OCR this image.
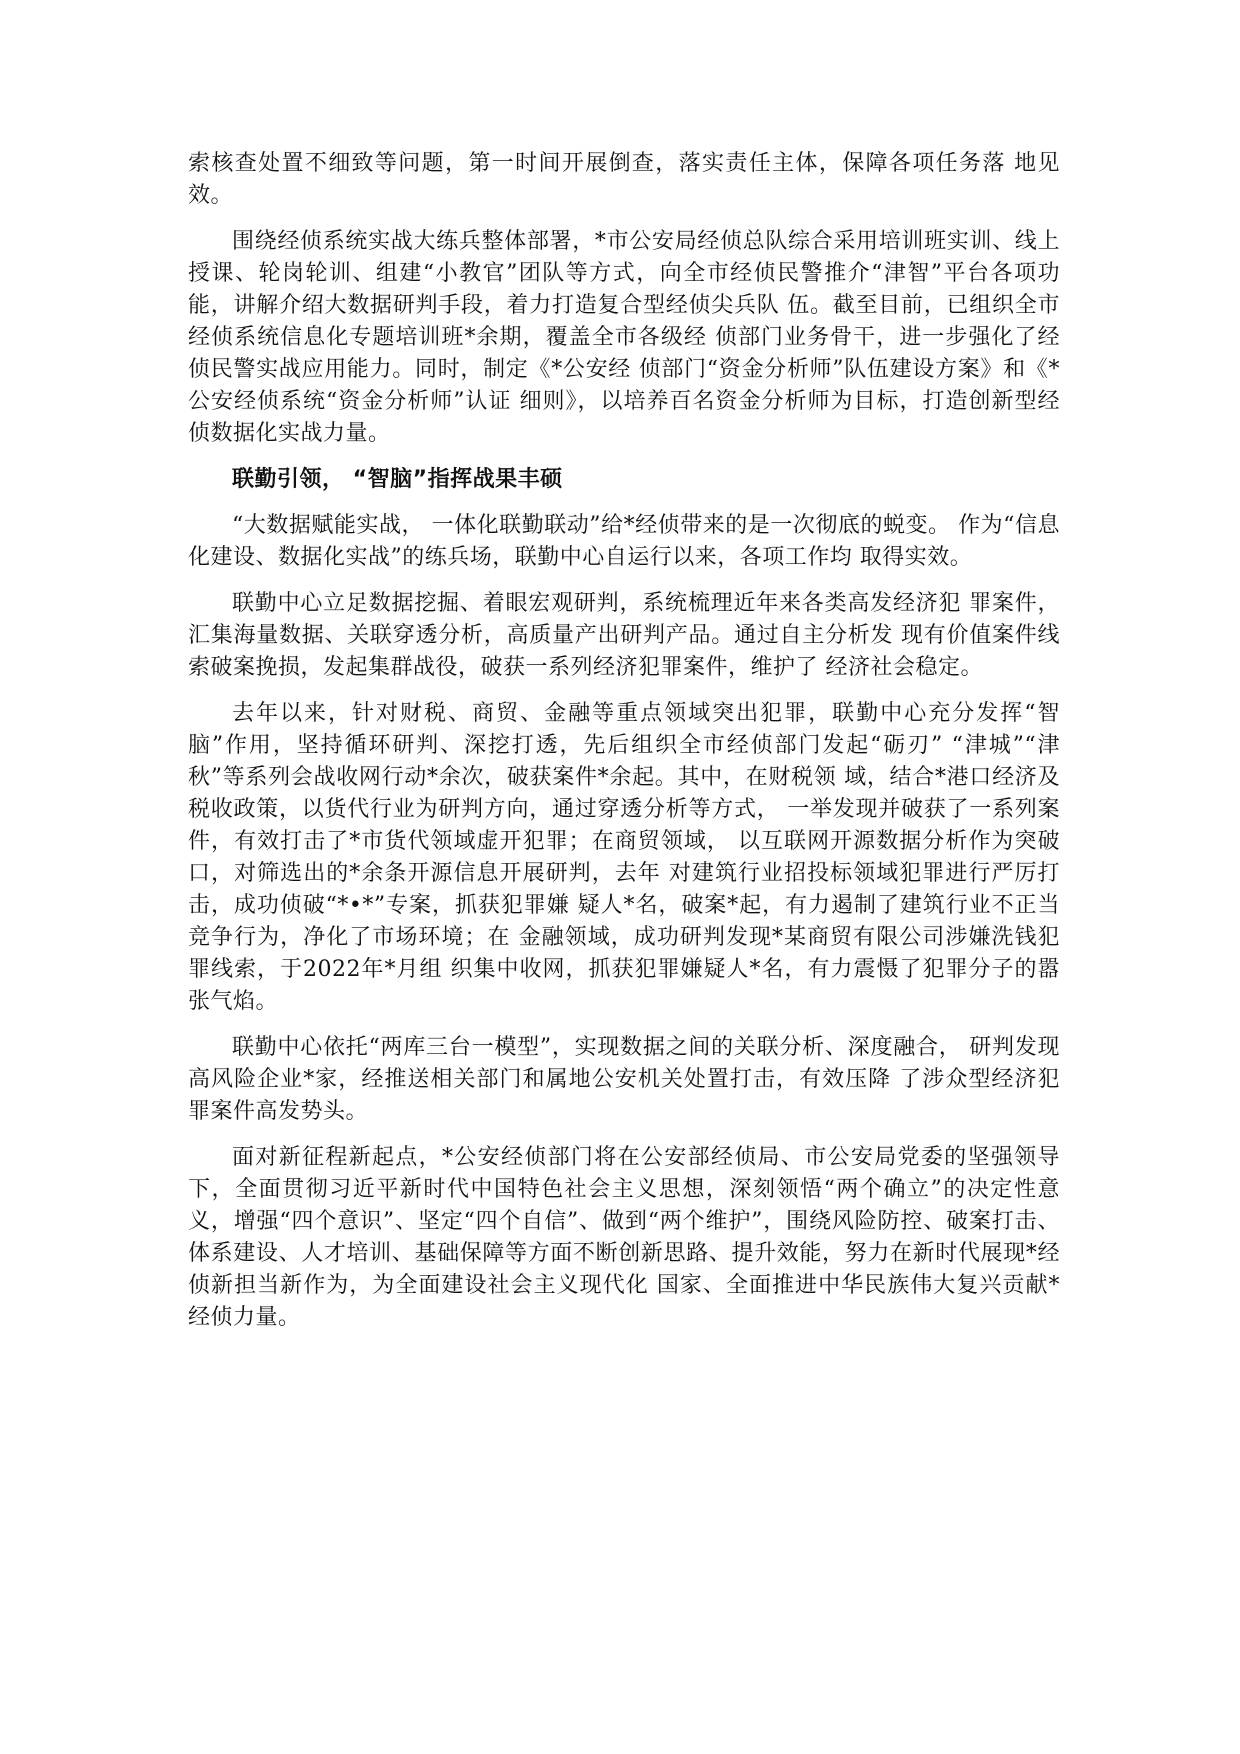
索核查处置不细致等问题，第一时间开展倒查，落实责任主体，保障各项任务落 地见效。

围绕经侦系统实战大练兵整体部署，*市公安局经侦总队综合采用培训班实训、线上授课、轮岗轮训、组建“小教官”团队等方式，向全市经侦民警推介“津智”平台各项功能，讲解介绍大数据研判手段，着力打造复合型经侦尖兵队 伍。截至目前，已组织全市经侦系统信息化专题培训班*余期，覆盖全市各级经 侦部门业务骨干，进一步强化了经侦民警实战应用能力。同时，制定《*公安经 侦部门“资金分析师”队伍建设方案》和《*公安经侦系统“资金分析师”认证 细则》，以培养百名资金分析师为目标，打造创新型经侦数据化实战力量。

联勤引领， “智脑”指挥战果丰硕

“大数据赋能实战， 一体化联勤联动”给*经侦带来的是一次彻底的蜕变。 作为“信息化建设、数据化实战”的练兵场，联勤中心自运行以来，各项工作均 取得实效。

联勤中心立足数据挖掘、着眼宏观研判，系统梳理近年来各类高发经济犯 罪案件，汇集海量数据、关联穿透分析，高质量产出研判产品。通过自主分析发 现有价值案件线索破案挽损，发起集群战役，破获一系列经济犯罪案件，维护了 经济社会稳定。

去年以来，针对财税、商贸、金融等重点领域突出犯罪，联勤中心充分发挥“智脑”作用，坚持循环研判、深挖打透，先后组织全市经侦部门发起“砺刃” “津城”“津秋”等系列会战收网行动*余次，破获案件*余起。其中，在财税领 域，结合*港口经济及税收政策，以货代行业为研判方向，通过穿透分析等方式， 一举发现并破获了一系列案件，有效打击了*市货代领域虚开犯罪；在商贸领域， 以互联网开源数据分析作为突破口，对筛选出的*余条开源信息开展研判，去年 对建筑行业招投标领域犯罪进行严厉打击，成功侦破“*•*”专案，抓获犯罪嫌 疑人*名，破案*起，有力遏制了建筑行业不正当竞争行为，净化了市场环境；在 金融领域，成功研判发现*某商贸有限公司涉嫌洗钱犯罪线索，于2022年*月组 织集中收网，抓获犯罪嫌疑人*名，有力震慑了犯罪分子的嚣张气焰。

联勤中心依托“两库三台一模型”，实现数据之间的关联分析、深度融合， 研判发现高风险企业*家，经推送相关部门和属地公安机关处置打击，有效压降 了涉众型经济犯罪案件高发势头。

面对新征程新起点，*公安经侦部门将在公安部经侦局、市公安局党委的坚强领导下，全面贯彻习近平新时代中国特色社会主义思想，深刻领悟“两个确立”的决定性意义，增强“四个意识”、坚定“四个自信”、做到“两个维护”，围绕风险防控、破案打击、体系建设、人才培训、基础保障等方面不断创新思路、提升效能，努力在新时代展现*经侦新担当新作为，为全面建设社会主义现代化 国家、全面推进中华民族伟大复兴贡献*经侦力量。
